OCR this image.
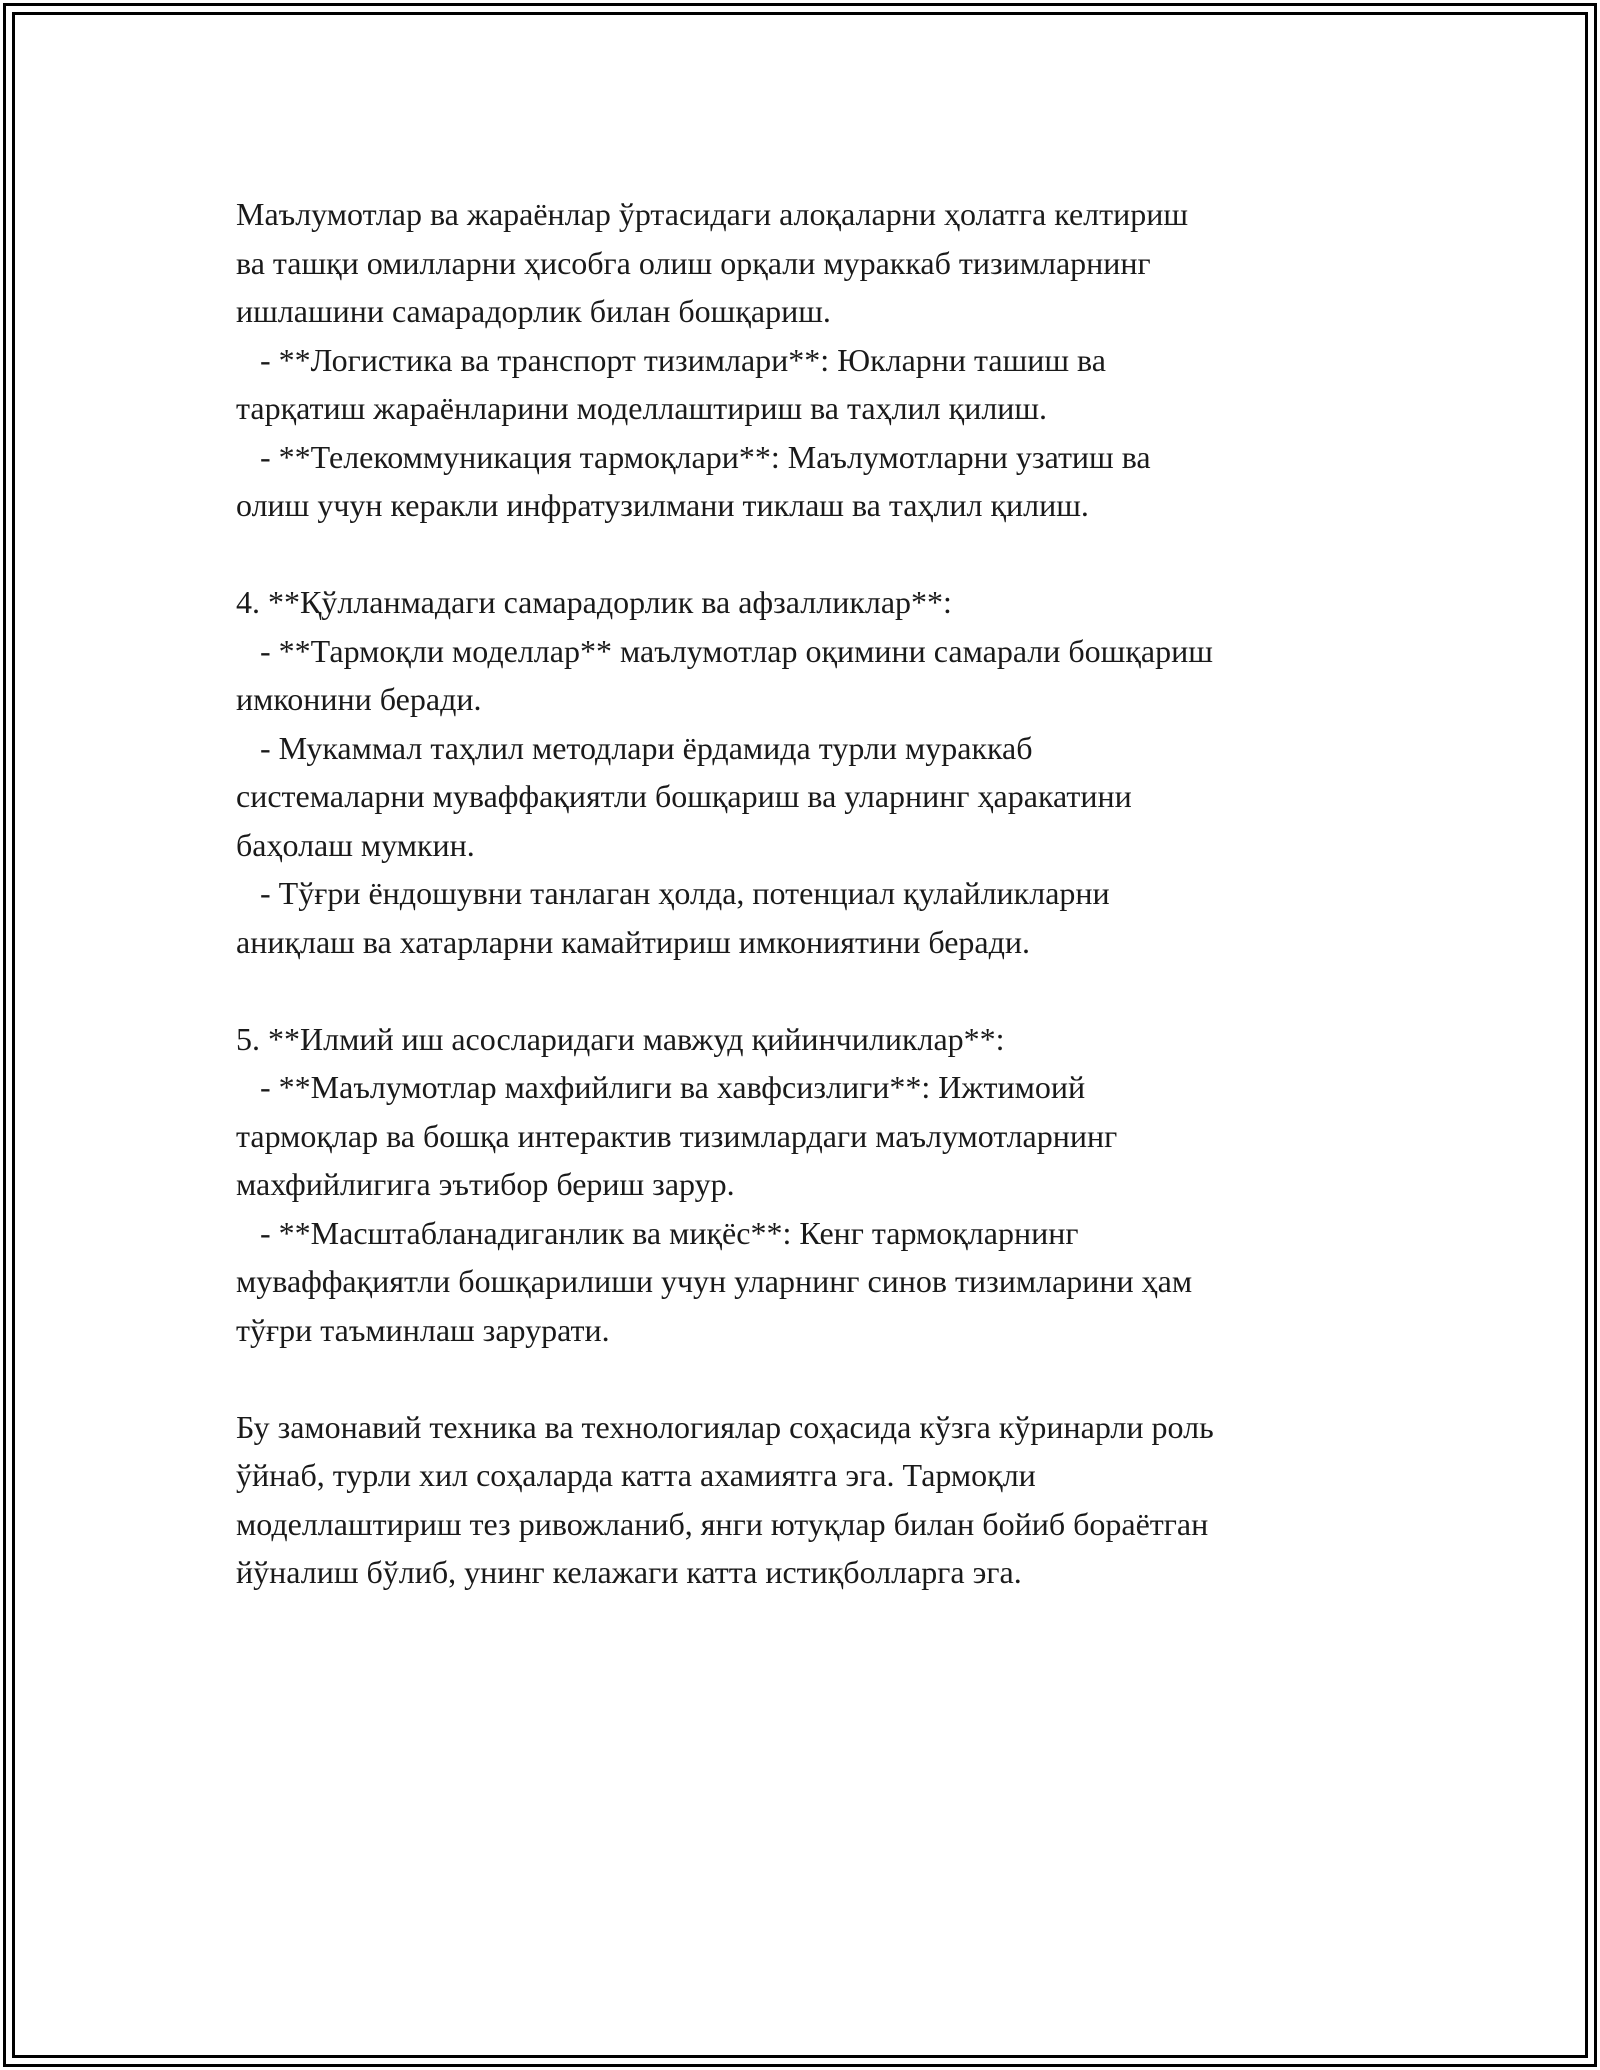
Маълумотлар ва жараёнлар ўртасидаги алоқаларни ҳолатга келтириш
ва ташқи омилларни ҳисобга олиш орқали мураккаб тизимларнинг
ишлашини самарадорлик билан бошқариш.
- **Логистика ва транспорт тизимлари**: Юкларни ташиш ва
тарқатиш жараёнларини моделлаштириш ва таҳлил қилиш.
- **Телекоммуникация тармоқлари**: Маълумотларни узатиш ва
олиш учун керакли инфратузилмани тиклаш ва таҳлил қилиш.
4. **Қўлланмадаги самарадорлик ва афзалликлар**:
- **Тармоқли моделлар** маълумотлар оқимини самарали бошқариш
имконини беради.
- Мукаммал таҳлил методлари ёрдамида турли мураккаб
системаларни муваффақиятли бошқариш ва уларнинг ҳаракатини
баҳолаш мумкин.
- Тўғри ёндошувни танлаган ҳолда, потенциал қулайликларни
аниқлаш ва хатарларни камайтириш имкониятини беради.
5. **Илмий иш асосларидаги мавжуд қийинчиликлар**:
- **Маълумотлар махфийлиги ва хавфсизлиги**: Ижтимоий
тармоқлар ва бошқа интерактив тизимлардаги маълумотларнинг
махфийлигига эътибор бериш зарур.
- **Масштабланадиганлик ва миқёс**: Кенг тармоқларнинг
муваффақиятли бошқарилиши учун уларнинг синов тизимларини ҳам
тўғри таъминлаш зарурати.
Бу замонавий техника ва технологиялар соҳасида кўзга кўринарли роль
ўйнаб, турли хил соҳаларда катта ахамиятга эга. Тармоқли
моделлаштириш тез ривожланиб, янги ютуқлар билан бойиб бораётган
йўналиш бўлиб, унинг келажаги катта истиқболларга эга.
